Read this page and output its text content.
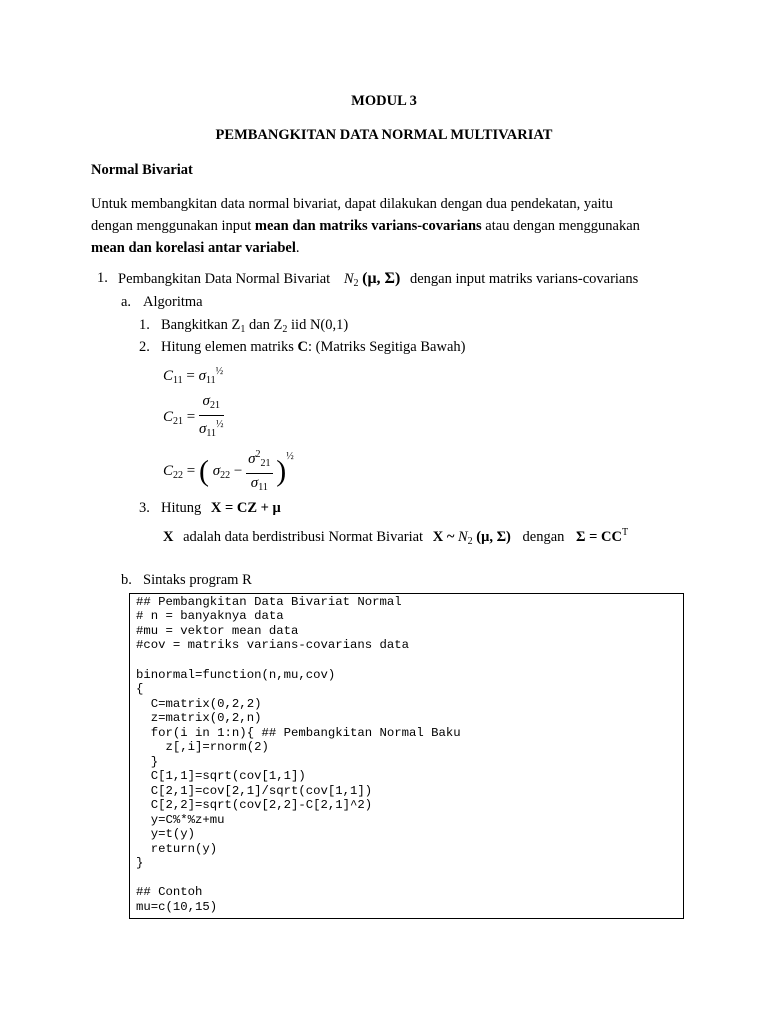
MODUL 3
PEMBANGKITAN DATA NORMAL MULTIVARIAT
Normal Bivariat
Untuk membangkitan data normal bivariat, dapat dilakukan dengan dua pendekatan, yaitu
dengan menggunakan input mean dan matriks varians-covarians atau dengan menggunakan
mean dan korelasi antar variabel.
1. Pembangkitan Data Normal Bivariat $N_2$ (μ, Σ) dengan input matriks varians-covarians
a. Algoritma
1. Bangkitkan $Z_1$ dan $Z_2$ iid N(0,1)
2. Hitung elemen matriks C: (Matriks Segitiga Bawah)
$C_{11} = \sigma_{11}^{\frac{1}{2}}$
$C_{21} = \frac{\sigma_{21}}{\sigma_{11}^{\frac{1}{2}}}$
$C_{22}$ = ( $\sigma_{22} - \frac{\sigma^2_{21}}{\sigma_{11}} )^{\frac{1}{2}}$
3. Hitung X = CZ + μ
X adalah data berdistribusi Normat Bivariat X ~ $N_2$ (μ, Σ) dengan $\Sigma = CC^T$
b. Sintaks program R
## Pembangkitan Data Bivariat Normal
# n = banyaknya data
#mu = vektor mean data
#cov = matriks varians-covarians data
binormal=function(n,mu,cov)
{
C=matrix(0,2,2)
z=matrix(0,2,n)
for(i in 1:n){ ## Pembangkitan Normal Baku
z[,i]=rnorm(2)
}
C[1,1]=sqrt(cov[1,1])
C[2,1]=cov[2,1]/sqrt(cov[1,1])
C[2,2]=sqrt(cov[2,2]-C[2,1]^2)
y=C%*%z+mu
y=t(y)
return(y)
}
## Contoh
mu=c(10,15)
